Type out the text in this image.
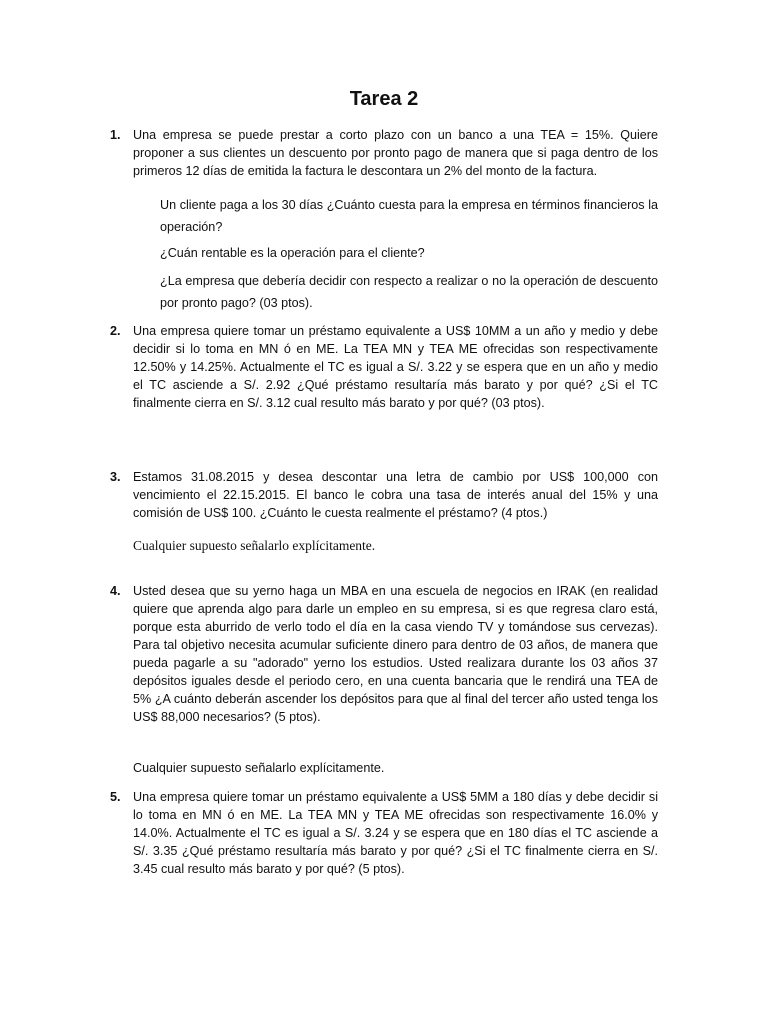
Tarea 2
1. Una empresa se puede prestar a corto plazo con un banco a una TEA = 15%. Quiere proponer a sus clientes un descuento por pronto pago de manera que si paga dentro de los primeros 12 días de emitida la factura le descontara un 2% del monto de la factura.

Un cliente paga a los 30 días ¿Cuánto cuesta para la empresa en términos financieros la operación?

¿Cuán rentable es la operación para el cliente?

¿La empresa que debería decidir con respecto a realizar o no la operación de descuento por pronto pago? (03 ptos).

2. Una empresa quiere tomar un préstamo equivalente a US$ 10MM a un año y medio y debe decidir si lo toma en MN ó en ME. La TEA MN y TEA ME ofrecidas son respectivamente 12.50% y 14.25%. Actualmente el TC es igual a S/. 3.22 y se espera que en un año y medio el TC asciende a S/. 2.92 ¿Qué préstamo resultaría más barato y por qué? ¿Si el TC finalmente cierra en S/. 3.12 cual resulto más barato y por qué? (03 ptos).

3. Estamos 31.08.2015 y desea descontar una letra de cambio por US$ 100,000 con vencimiento el 22.15.2015. El banco le cobra una tasa de interés anual del 15% y una comisión de US$ 100. ¿Cuánto le cuesta realmente el préstamo? (4 ptos.)

Cualquier supuesto señalarlo explícitamente.
4. Usted desea que su yerno haga un MBA en una escuela de negocios en IRAK (en realidad quiere que aprenda algo para darle un empleo en su empresa, si es que regresa claro está, porque esta aburrido de verlo todo el día en la casa viendo TV y tomándose sus cervezas). Para tal objetivo necesita acumular suficiente dinero para dentro de 03 años, de manera que pueda pagarle a su "adorado" yerno los estudios. Usted realizara durante los 03 años 37 depósitos iguales desde el periodo cero, en una cuenta bancaria que le rendirá una TEA de 5% ¿A cuánto deberán ascender los depósitos para que al final del tercer año usted tenga los US$ 88,000 necesarios? (5 ptos).

Cualquier supuesto señalarlo explícitamente.
5. Una empresa quiere tomar un préstamo equivalente a US$ 5MM a 180 días y debe decidir si lo toma en MN ó en ME. La TEA MN y TEA ME ofrecidas son respectivamente 16.0% y 14.0%. Actualmente el TC es igual a S/. 3.24 y se espera que en 180 días el TC asciende a S/. 3.35 ¿Qué préstamo resultaría más barato y por qué? ¿Si el TC finalmente cierra en S/. 3.45 cual resulto más barato y por qué? (5 ptos).
